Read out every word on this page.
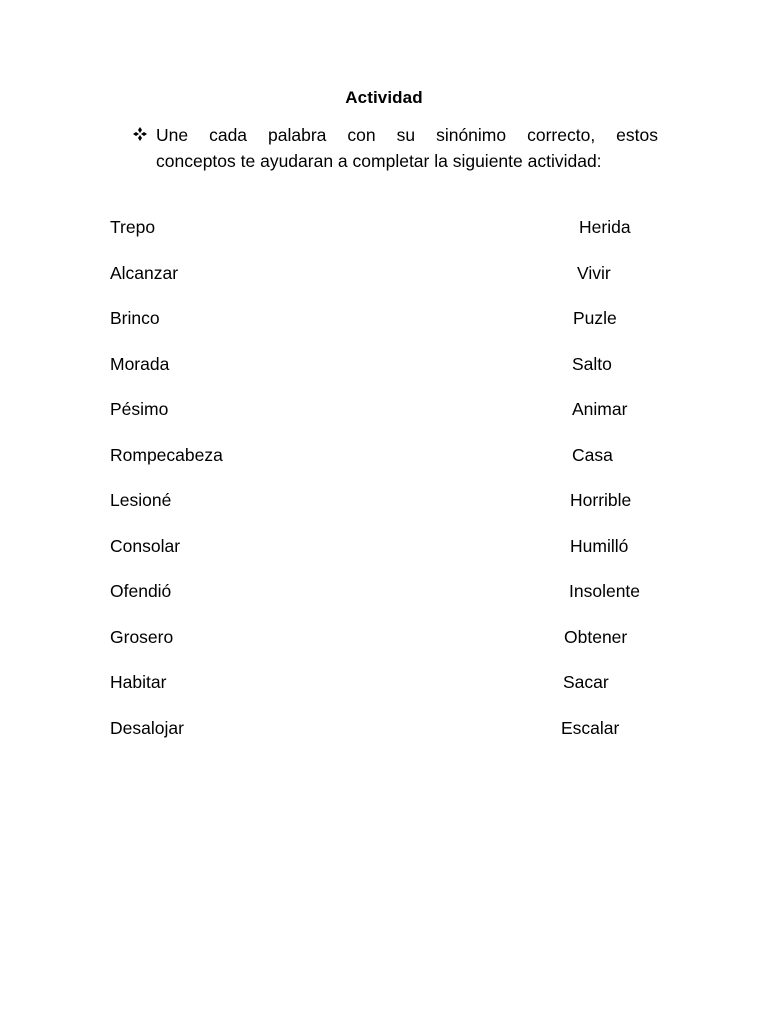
Actividad
Une cada palabra con su sinónimo correcto, estos
conceptos te ayudaran a completar la siguiente actividad:
Trepo
Alcanzar
Brinco
Morada
Pésimo
Rompecabeza
Lesioné
Consolar
Ofendió
Grosero
Habitar
Desalojar
Herida
Vivir
Puzle
Salto
Animar
Casa
Horrible
Humilló
Insolente
Obtener
Sacar
Escalar
